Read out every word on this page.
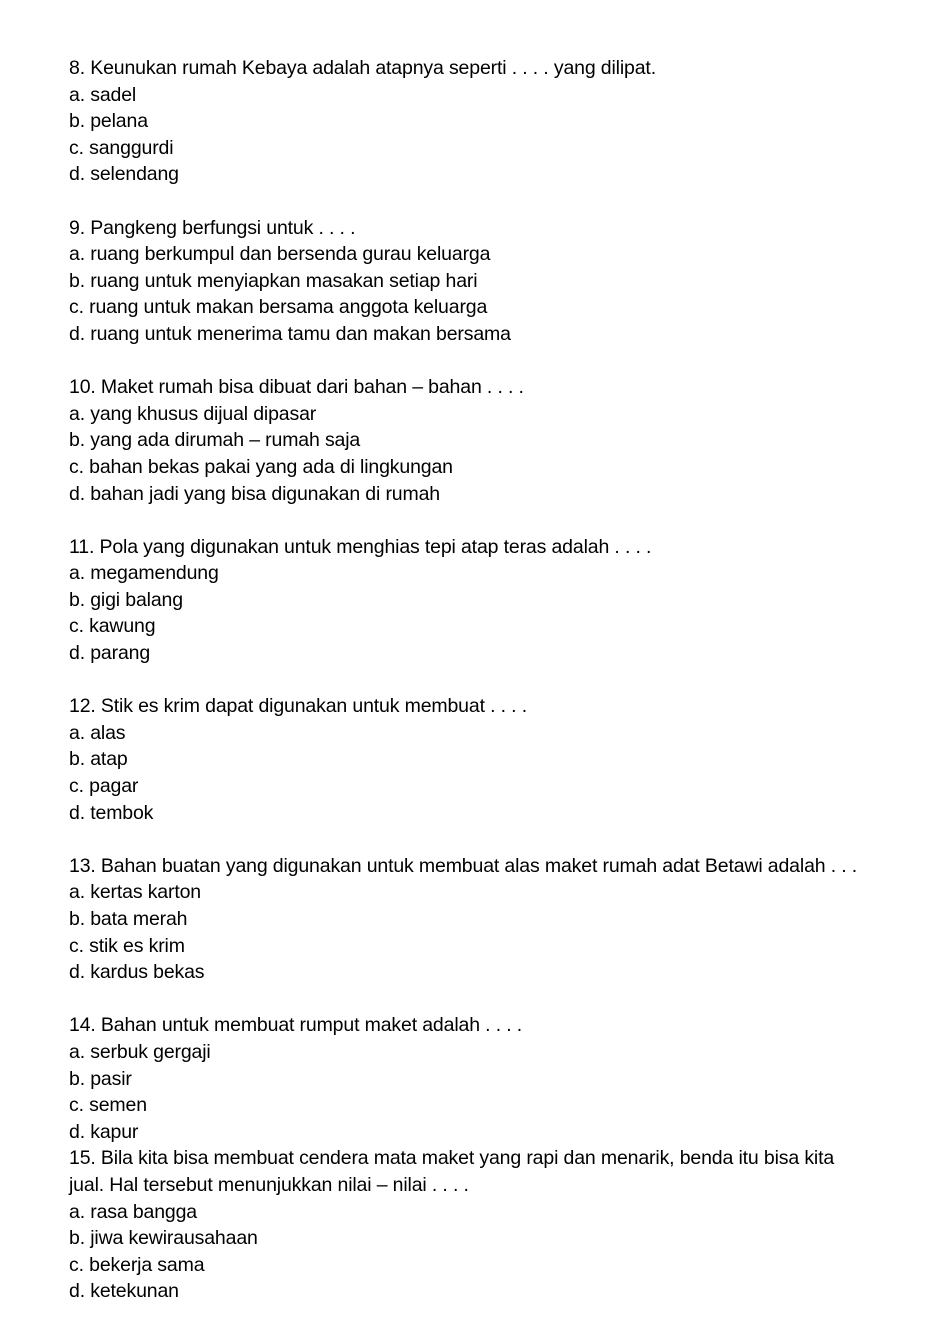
8. Keunukan rumah Kebaya adalah atapnya seperti . . . . yang dilipat.
a. sadel
b. pelana
c. sanggurdi
d. selendang
9. Pangkeng berfungsi untuk . . . .
a. ruang berkumpul dan bersenda gurau keluarga
b. ruang untuk menyiapkan masakan setiap hari
c. ruang untuk makan bersama anggota keluarga
d. ruang untuk menerima tamu dan makan bersama
10. Maket rumah bisa dibuat dari bahan – bahan . . . .
a. yang khusus dijual dipasar
b. yang ada dirumah – rumah saja
c. bahan bekas pakai yang ada di lingkungan
d. bahan jadi yang bisa digunakan di rumah
11. Pola yang digunakan untuk menghias tepi atap teras adalah . . . .
a. megamendung
b. gigi balang
c. kawung
d. parang
12. Stik es krim dapat digunakan untuk membuat . . . .
a. alas
b. atap
c. pagar
d. tembok
13. Bahan buatan yang digunakan untuk membuat alas maket rumah adat Betawi adalah . . .
a. kertas karton
b. bata merah
c. stik es krim
d. kardus bekas
14. Bahan untuk membuat rumput maket adalah . . . .
a. serbuk gergaji
b. pasir
c. semen
d. kapur
15. Bila kita bisa membuat cendera mata maket yang rapi dan menarik, benda itu bisa kita
jual. Hal tersebut menunjukkan nilai – nilai . . . .
a. rasa bangga
b. jiwa kewirausahaan
c. bekerja sama
d. ketekunan
